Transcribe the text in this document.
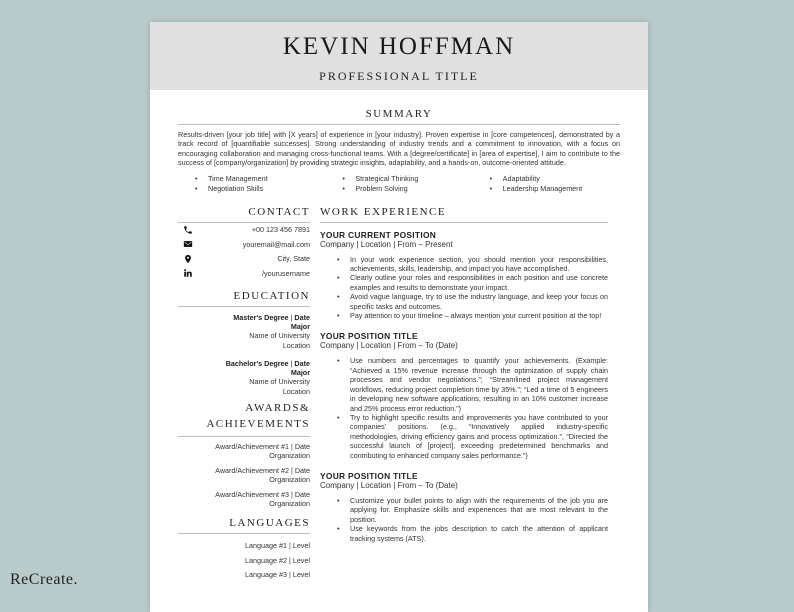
KEVIN HOFFMAN
PROFESSIONAL TITLE
SUMMARY
Results-driven [your job title] with [X years] of experience in [your industry]. Proven expertise in [core competences], demonstrated by a track record of [quantifiable successes]. Strong understanding of industry trends and a commitment to innovation, with a focus on encouraging collaboration and managing cross-functional teams. With a [degree/certificate] in [area of expertise], I aim to contribute to the success of [company/organization] by providing strategic insights, adaptability, and a hands-on, outcome-oriented attitude.
• Time Management
• Negotiation Skills
• Strategical Thinking
• Problem Solving
• Adaptability
• Leadership Management
CONTACT
+00 123 456 7891
youremail@mail.com
City, State
/yourusername
EDUCATION
Master's Degree | Date
Major
Name of University
Location
Bachelor's Degree | Date
Major
Name of University
Location
AWARDS&
ACHIEVEMENTS
Award/Achievement #1 | Date
Organization
Award/Achievement #2 | Date
Organization
Award/Achievement #3 | Date
Organization
LANGUAGES
Language #1 | Level
Language #2 | Level
Language #3 | Level
WORK EXPERIENCE
YOUR CURRENT POSITION
Company | Location | From – Present
• In your work experience section, you should mention your responsibilities, achievements, skills, leadership, and impact you have accomplished.
• Clearly outline your roles and responsibilities in each position and use concrete examples and results to demonstrate your impact.
• Avoid vague language, try to use the industry language, and keep your focus on specific tasks and outcomes.
• Pay attention to your timeline – always mention your current position at the top!
YOUR POSITION TITLE
Company | Location | From – To (Date)
• Use numbers and percentages to quantify your achievements. (Example: “Achieved a 15% revenue increase through the optimization of supply chain processes and vendor negotiations.”; “Streamlined project management workflows, reducing project completion time by 35%.”; “Led a time of 5 engineers in developing new software applications, resulting in an 10% customer increase and 25% process error reduction.”)
• Try to highlight specific results and improvements you have contributed to your companies' positions. (e.g., “Innovatively applied industry-specific methodologies, driving efficiency gains and process optimization.”, “Directed the successful launch of [project], exceeding predetermined benchmarks and contributing to enhanced company sales performance.”)
YOUR POSITION TITLE
Company | Location | From – To (Date)
• Customize your bullet points to align with the requirements of the job you are applying for. Emphasize skills and experiences that are most relevant to the position.
• Use keywords from the jobs description to catch the attention of applicant tracking systems (ATS).
ReCreate.
